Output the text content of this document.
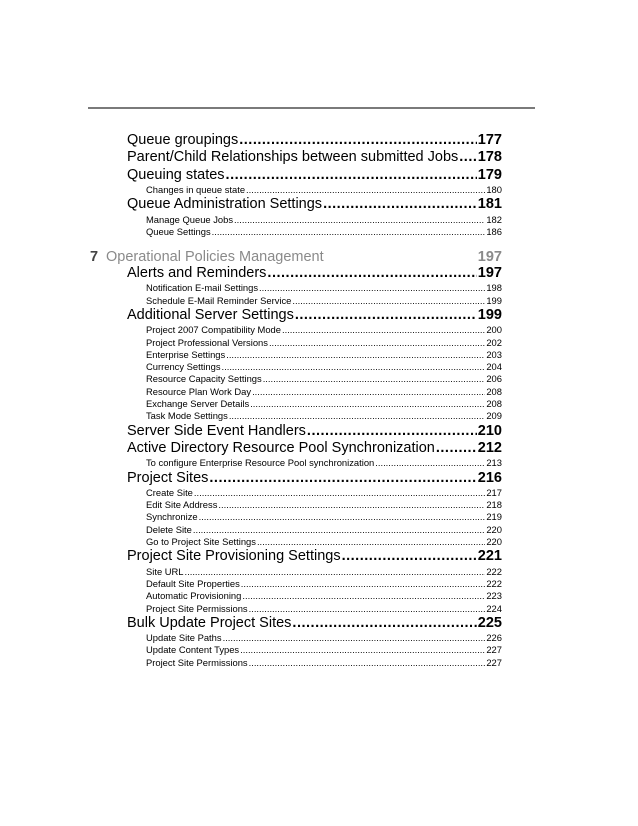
7 Operational Policies Management	197
Queue groupings .....	177
Parent/Child Relationships between submitted Jobs ..... 178
Queuing states .....	179
Changes in queue state .....	180
Queue Administration Settings .....	181
Manage Queue Jobs .....	182
Queue Settings .....	186
Alerts and Reminders .....	197
Notification E-mail Settings .....	198
Schedule E-Mail Reminder Service .....	199
Additional Server Settings .....	199
Project 2007 Compatibility Mode .....	200
Project Professional Versions .....	202
Enterprise Settings .....	203
Currency Settings .....	204
Resource Capacity Settings .....	206
Resource Plan Work Day .....	208
Exchange Server Details .....	208
Task Mode Settings .....	209
Server Side Event Handlers .....	210
Active Directory Resource Pool Synchronization .....	212
To configure Enterprise Resource Pool synchronization .....	213
Project Sites .....	216
Create Site .....	217
Edit Site Address .....	218
Synchronize .....	219
Delete Site .....	220
Go to Project Site Settings .....	220
Project Site Provisioning Settings .....	221
Site URL .....	222
Default Site Properties .....	222
Automatic Provisioning .....	223
Project Site Permissions .....	224
Bulk Update Project Sites .....	225
Update Site Paths .....	226
Update Content Types .....	227
Project Site Permissions .....	227
